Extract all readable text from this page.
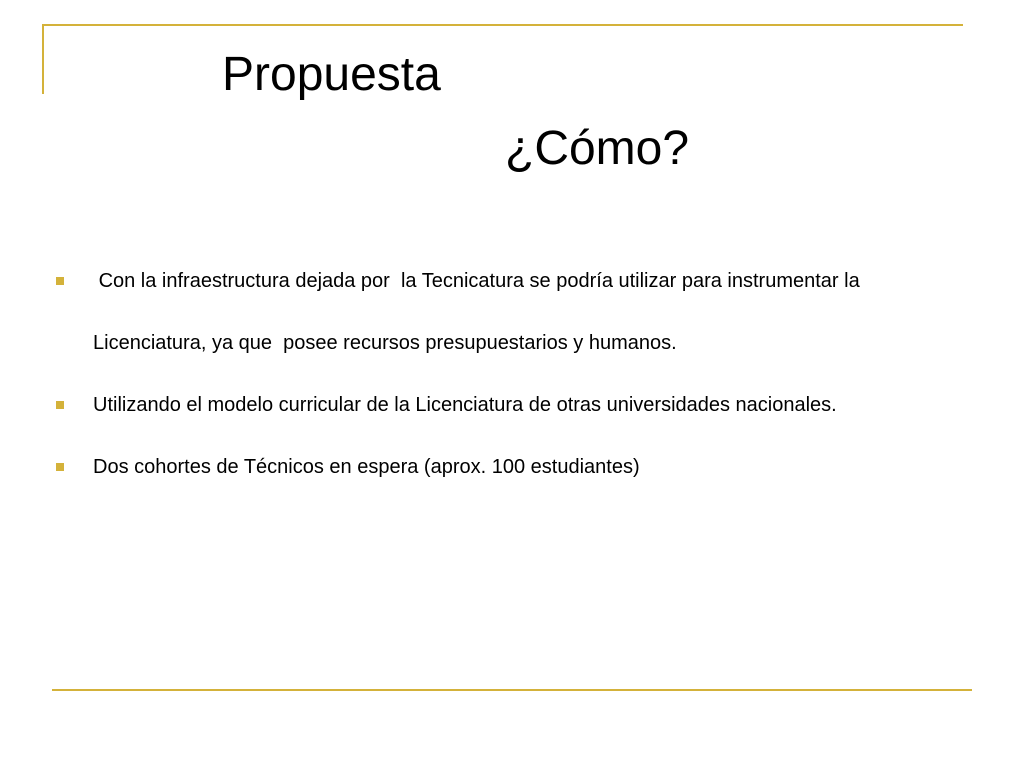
Propuesta
¿Cómo?
Con la infraestructura dejada por  la Tecnicatura se podría utilizar para instrumentar la Licenciatura, ya que  posee recursos presupuestarios y humanos.
Utilizando el modelo curricular de la Licenciatura de otras universidades nacionales.
Dos cohortes de Técnicos en espera (aprox. 100 estudiantes)
